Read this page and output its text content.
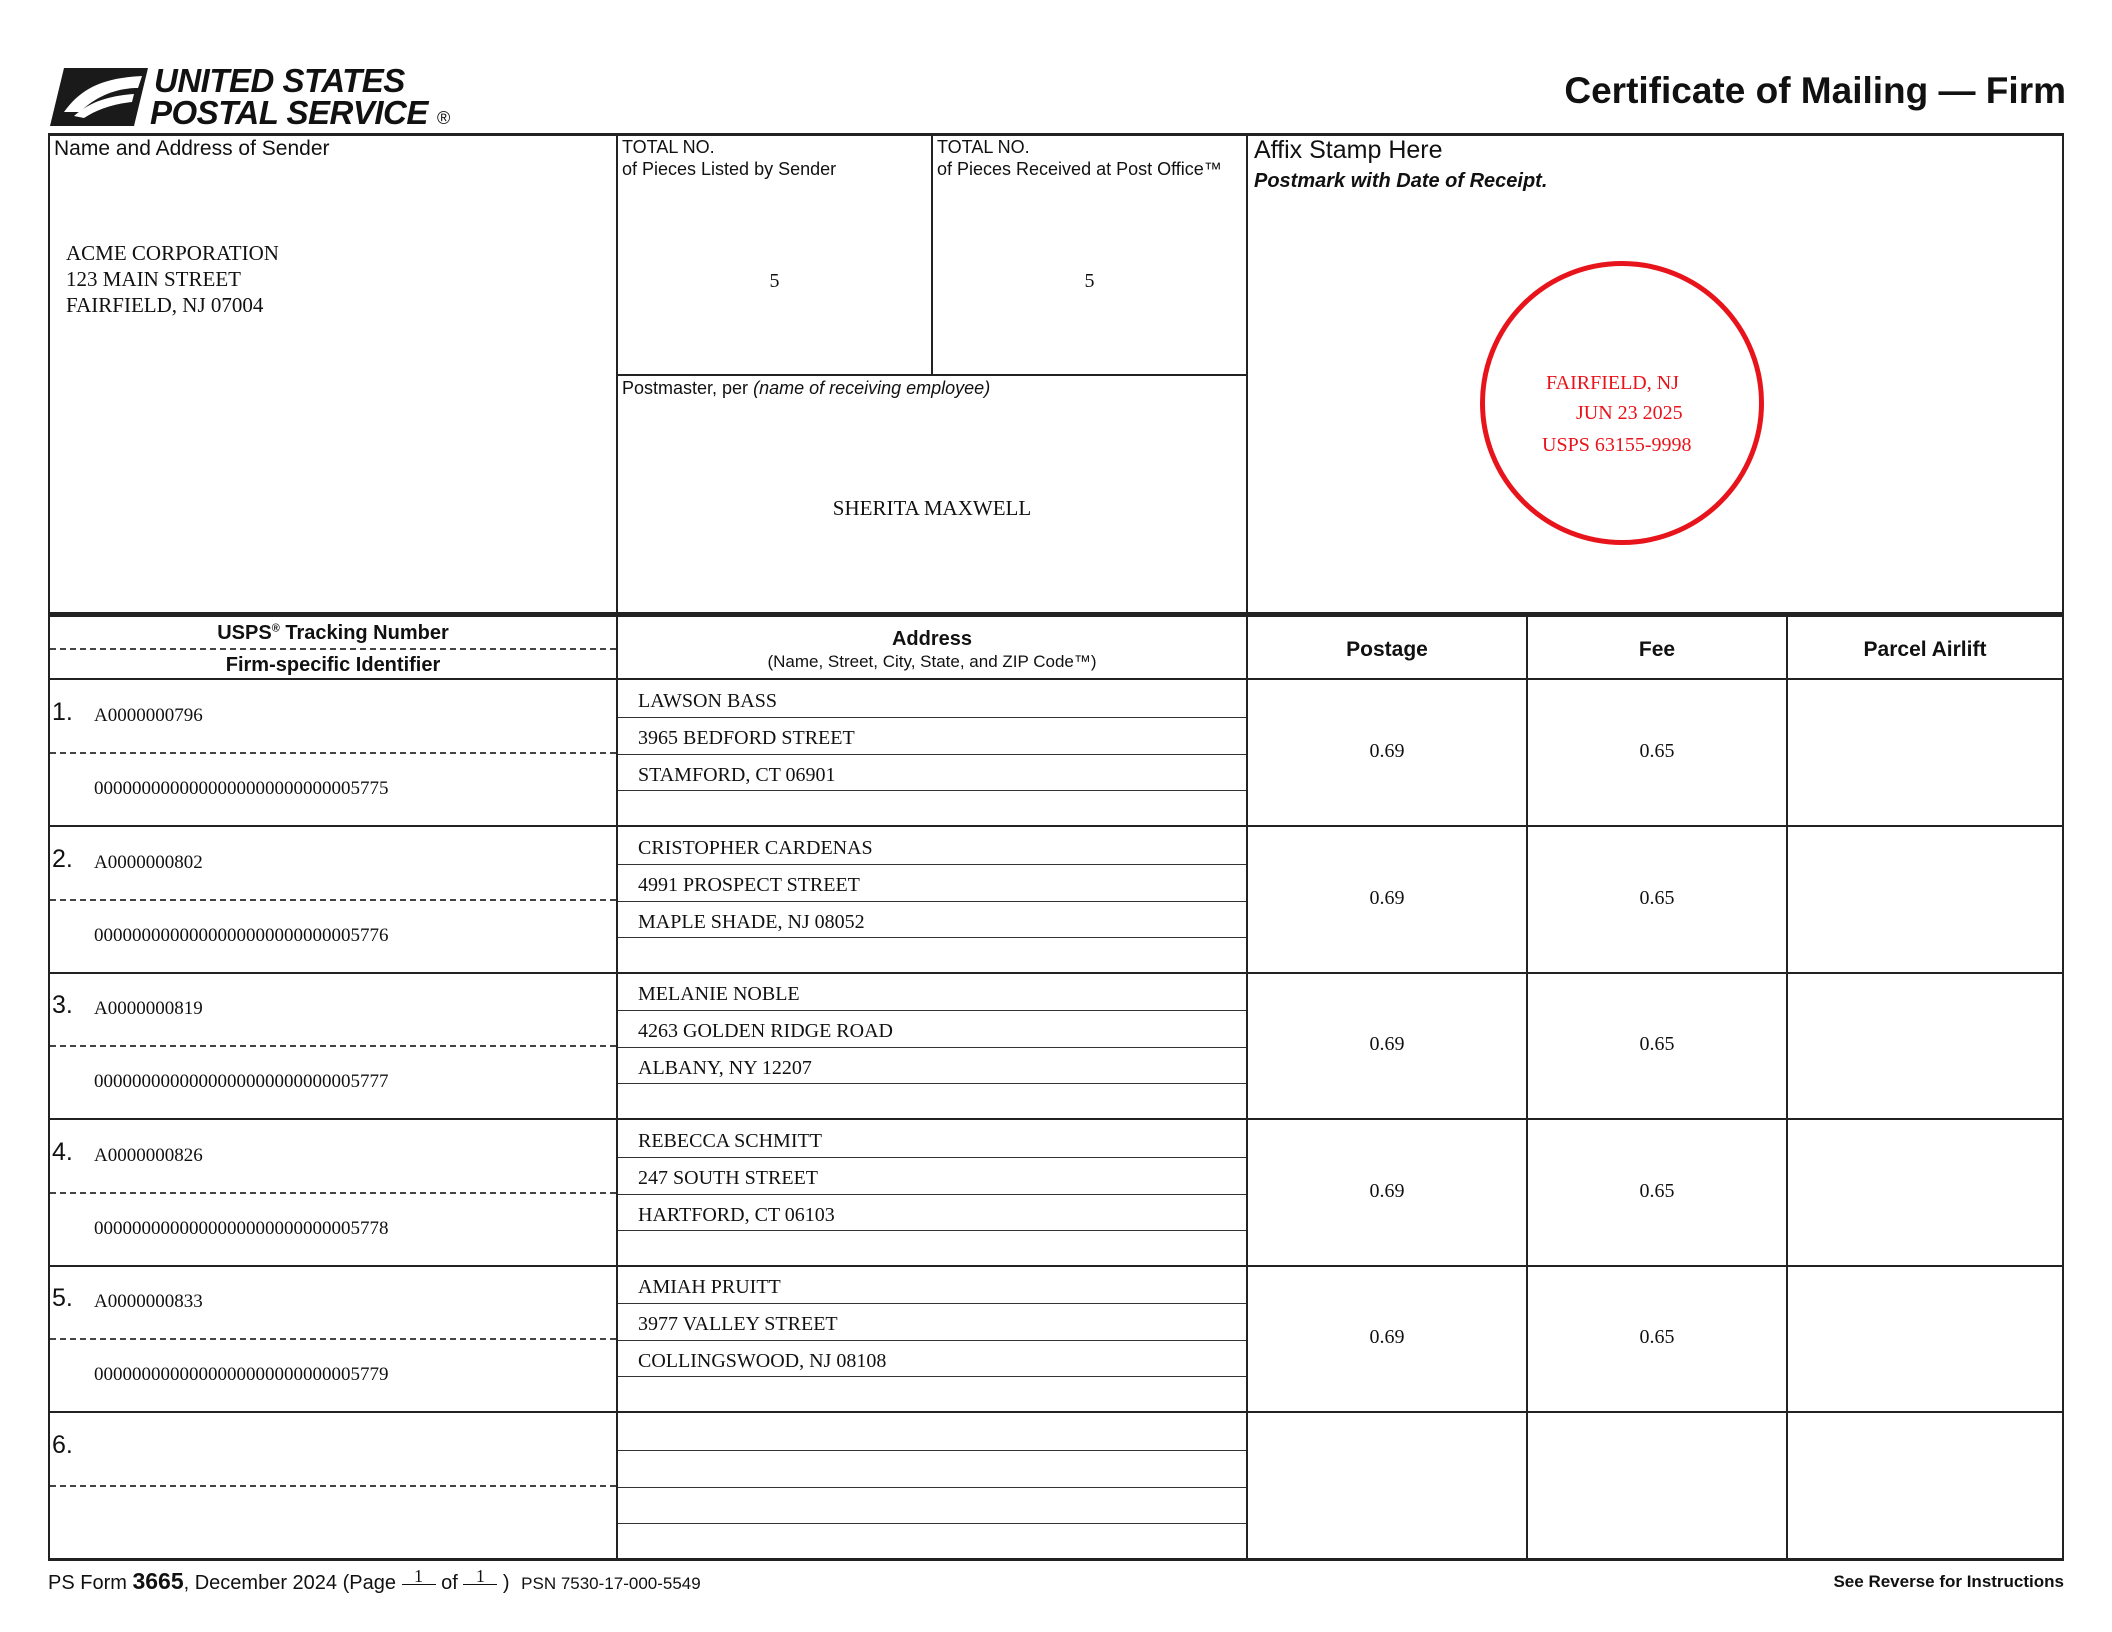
UNITED STATES
POSTAL SERVICE ®
Certificate of Mailing — Firm
Name and Address of Sender
ACME CORPORATION
123 MAIN STREET
FAIRFIELD, NJ 07004
TOTAL NO.
of Pieces Listed by Sender
5
TOTAL NO.
of Pieces Received at Post Office™
5
Postmaster, per (name of receiving employee)
SHERITA MAXWELL
Affix Stamp Here
Postmark with Date of Receipt.
FAIRFIELD, NJ
JUN 23 2025
USPS 63155-9998
USPS® Tracking Number
Firm-specific Identifier
Address
(Name, Street, City, State, and ZIP Code™)
Postage	Fee	Parcel Airlift
1. A0000000796
0000000000000000000000000005775
LAWSON BASS
3965 BEDFORD STREET
STAMFORD, CT 06901
0.69	0.65
2. A0000000802
0000000000000000000000000005776
CRISTOPHER CARDENAS
4991 PROSPECT STREET
MAPLE SHADE, NJ 08052
0.69	0.65
3. A0000000819
0000000000000000000000000005777
MELANIE NOBLE
4263 GOLDEN RIDGE ROAD
ALBANY, NY 12207
0.69	0.65
4. A0000000826
0000000000000000000000000005778
REBECCA SCHMITT
247 SOUTH STREET
HARTFORD, CT 06103
0.69	0.65
5. A0000000833
0000000000000000000000000005779
AMIAH PRUITT
3977 VALLEY STREET
COLLINGSWOOD, NJ 08108
0.69	0.65
6.
PS Form 3665, December 2024 (Page 1 of 1 ) PSN 7530-17-000-5549	See Reverse for Instructions
